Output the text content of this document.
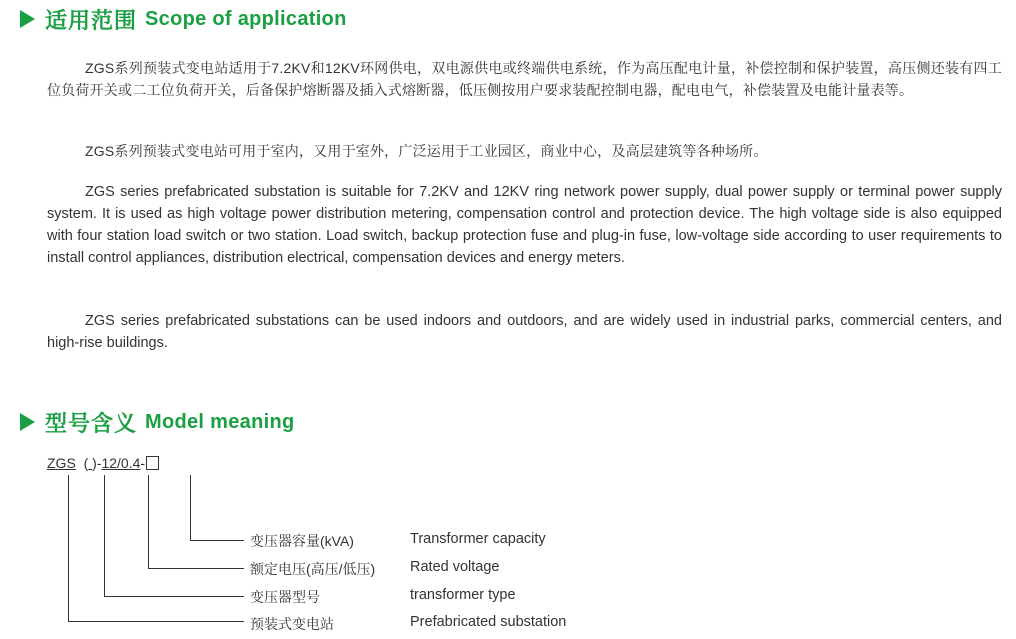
适用范围 Scope of application

ZGS系列预装式变电站适用于7.2KV和12KV环网供电，双电源供电或终端供电系统，作为高压配电计量，补偿控制和保护装置，高压侧还装有四工位负荷开关或二工位负荷开关，后备保护熔断器及插入式熔断器，低压侧按用户要求装配控制电器，配电电气，补偿装置及电能计量表等。

ZGS系列预装式变电站可用于室内，又用于室外，广泛运用于工业园区，商业中心，及高层建筑等各种场所。

ZGS series prefabricated substation is suitable for 7.2KV and 12KV ring network power supply, dual power supply or terminal power supply system. It is used as high voltage power distribution metering, compensation control and protection device. The high voltage side is also equipped with four station load switch or two station. Load switch, backup protection fuse and plug-in fuse, low-voltage side according to user requirements to install control appliances, distribution electrical, compensation devices and energy meters.

ZGS series prefabricated substations can be used indoors and outdoors, and are widely used in industrial parks, commercial centers, and high-rise buildings.

型号含义 Model meaning
ZGS ( )-12/0.4-
变压器容量(kVA)	Transformer capacity
额定电压(高压/低压) Rated voltage
变压器型号	transformer type
预装式变电站	Prefabricated substation
